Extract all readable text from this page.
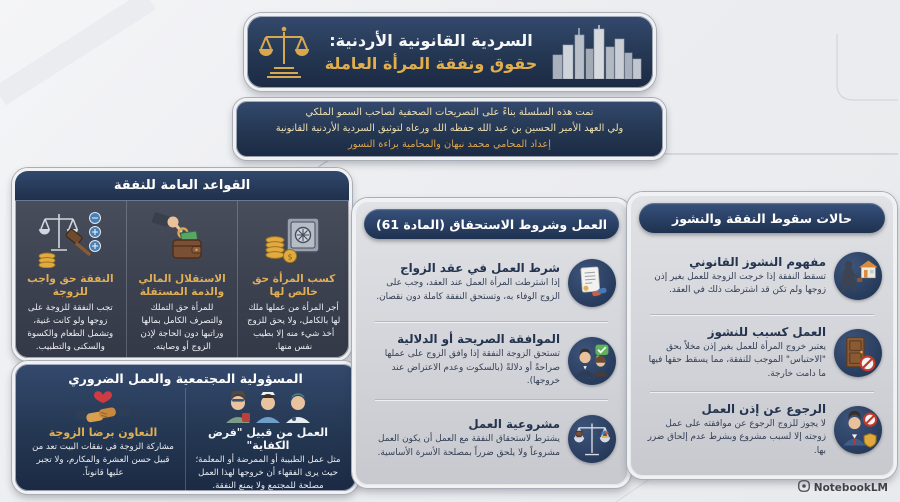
السردية القانونية الأردنية:
حقوق ونفقة المرأة العاملة
تمت هذه السلسلة بناءً على التصريحات الصحفية لصاحب السمو الملكي
ولي العهد الأمير الحسين بن عبد الله حفظه الله ورعاه لتوثيق السردية الأردنية القانونية
إعداد المحامي محمد نبهان والمحامية براءة النسور
القواعد العامة للنفقة
$
كسب المرأة حق خالص لها
أجر المرأة من عملها ملك لها بالكامل، ولا يحق للزوج أخذ شيء منه إلا بطيب نفس منها.
الاستقلال المالي والذمة المستقلة
للمرأة حق التملك والتصرف الكامل بمالها وراتبها دون الحاجة لإذن الزوج أو وصايته.
النفقة حق واجب للزوجة
تجب النفقة للزوجة على زوجها ولو كانت غنية، وتشمل الطعام والكسوة والسكنى والتطبيب.
المسؤولية المجتمعية والعمل الضروري
العمل من قبيل "فرض الكفاية"
مثل عمل الطبيبة أو الممرضة أو المعلمة؛ حيث يرى الفقهاء أن خروجها لهذا العمل مصلحة للمجتمع ولا يمنع النفقة.
التعاون برضا الزوجة
مشاركة الزوجة في نفقات البيت تعد من قبيل حسن العشرة والمكارم، ولا تجبر عليها قانوناً.
العمل وشروط الاستحقاق (المادة 61)
شرط العمل في عقد الزواج
إذا اشترطت المرأة العمل عند العقد، وجب على الزوج الوفاء به، وتستحق النفقة كاملة دون نقصان.
الموافقة الصريحة أو الدلالية
تستحق الزوجة النفقة إذا وافق الزوج على عملها صراحةً أو دلالةً (بالسكوت وعدم الاعتراض عند خروجها).
مشروعية العمل
يشترط لاستحقاق النفقة مع العمل أن يكون العمل مشروعاً ولا يلحق ضرراً بمصلحة الأسرة الأساسية.
حالات سقوط النفقة والنشوز
مفهوم النشوز القانوني
تسقط النفقة إذا خرجت الزوجة للعمل بغير إذن زوجها ولم تكن قد اشترطت ذلك في العقد.
العمل كسبب للنشوز
يعتبر خروج المرأة للعمل بغير إذن مخلاً بحق "الاحتباس" الموجب للنفقة، مما يسقط حقها فيها ما دامت خارجة.
الرجوع عن إذن العمل
لا يجوز للزوج الرجوع عن موافقته على عمل زوجته إلا لسبب مشروع وبشرط عدم إلحاق ضرر بها.
NotebookLM
